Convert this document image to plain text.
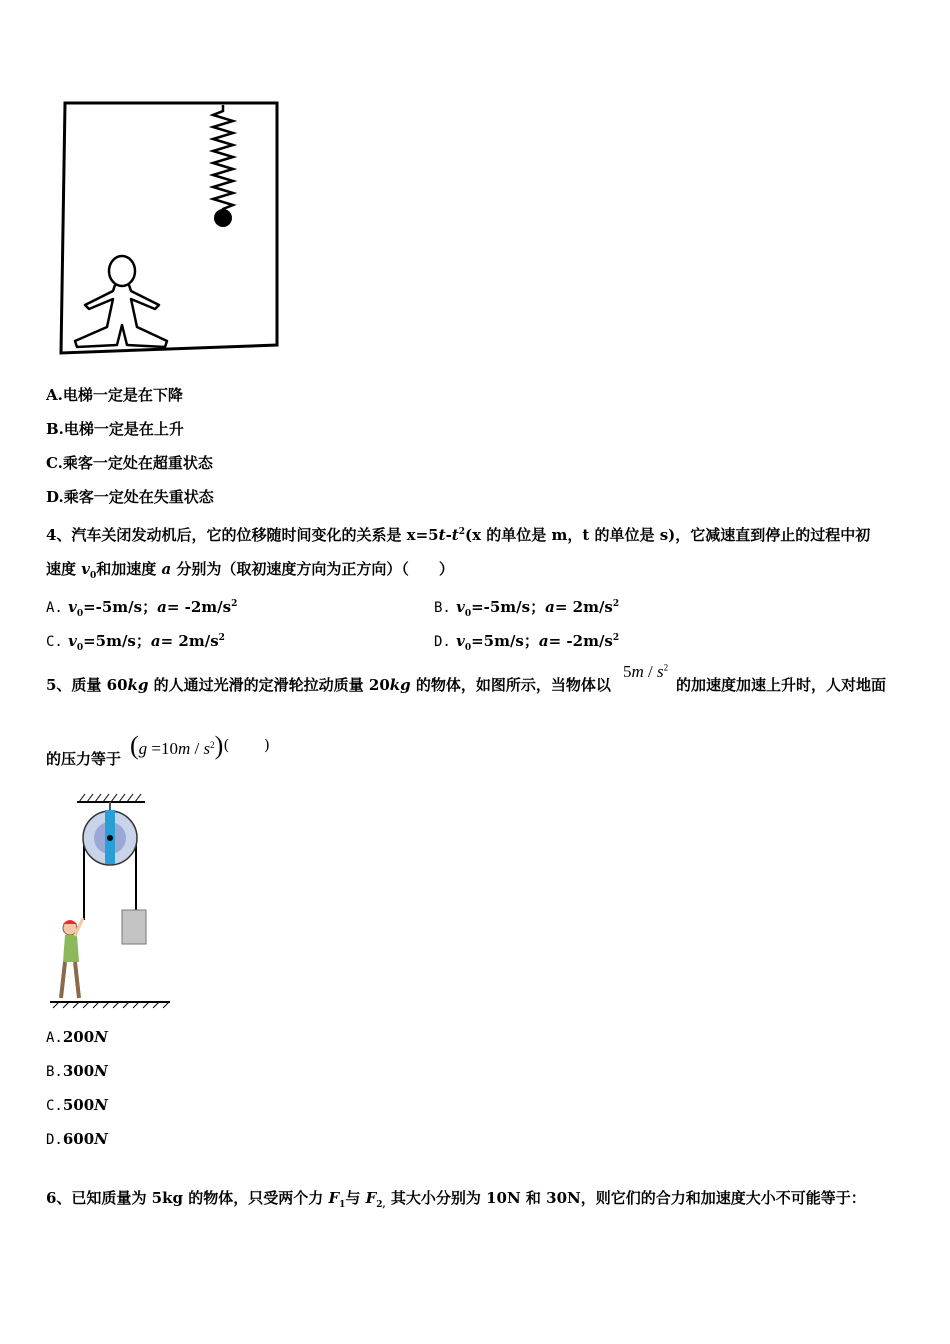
A.电梯一定是在下降
B.电梯一定是在上升
C.乘客一定处在超重状态
D.乘客一定处在失重状态
4、汽车关闭发动机后，它的位移随时间变化的关系是 $x=5t-t^2(x$ 的单位是 m，t 的单位是 s)，它减速直到停止的过程中初
速度 $v_0$和加速度 a 分别为（取初速度方向为正方向）（　　）
A. $v_0=-5m/s$；$a= -2m/s^2$	B. $v_0=-5m/s$；$a= 2m/s^2$
C. $v_0=5m/s$；$a= 2m/s^2$	D. $v_0=5m/s$；$a= -2m/s^2$
5、质量 60kg 的人通过光滑的定滑轮拉动质量 20kg 的物体，如图所示，当物体以
$5m / s^2$
的加速度加速上升时，人对地面
的压力等于 $(g =10m / s^2)$(　　 )
A.200N
B.300N
C.500N
D.600N
6、已知质量为 5kg 的物体，只受两个力 $F_1$与 $F_{2,}$ 其大小分别为 10N 和 30N，则它们的合力和加速度大小不可能等于：
